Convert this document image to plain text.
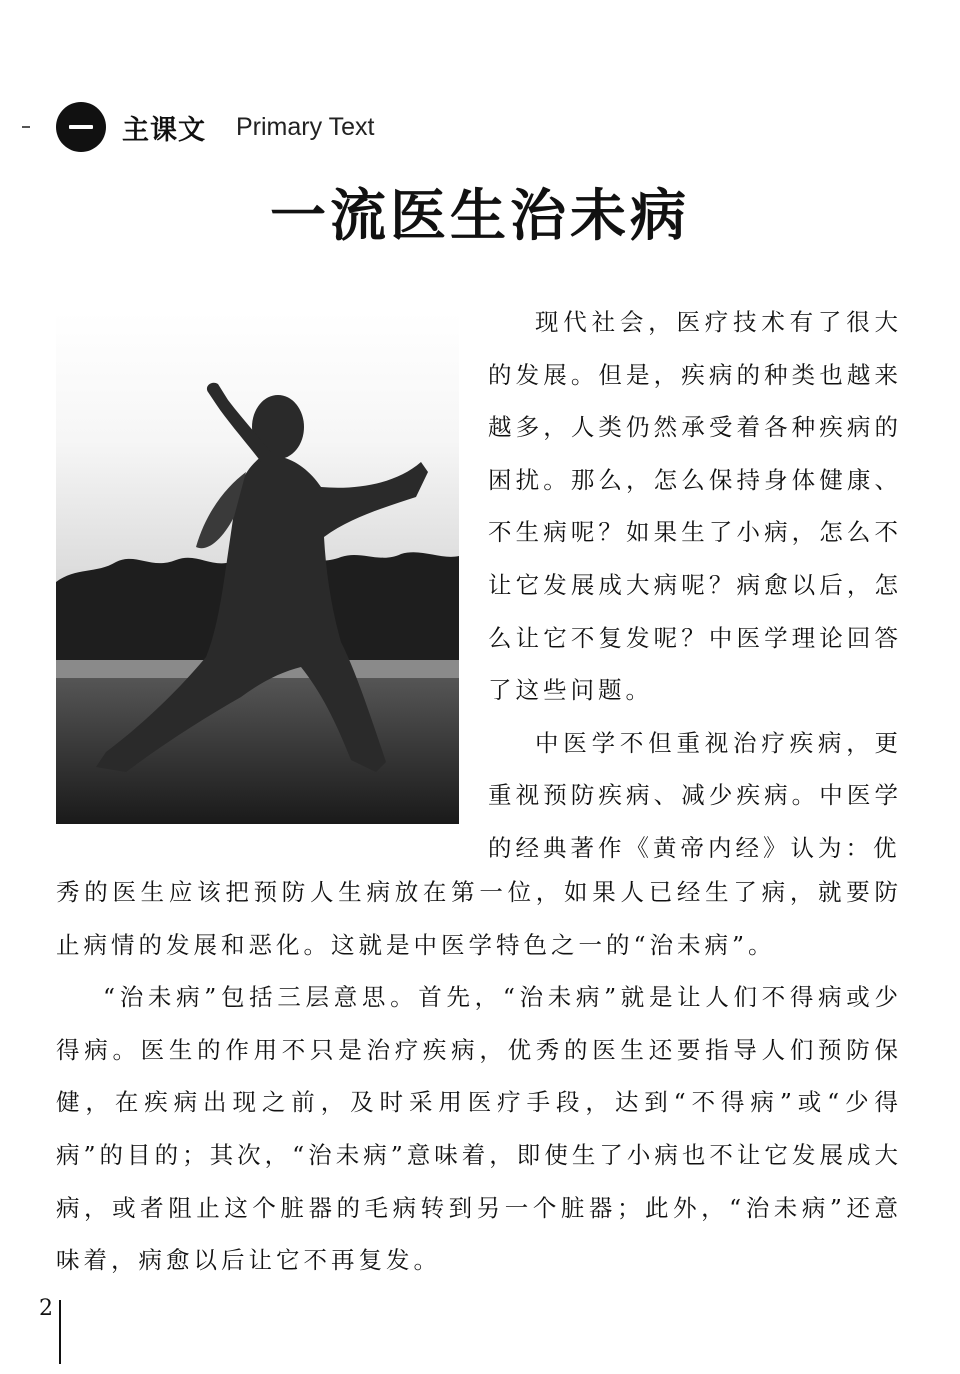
主课文 Primary Text
一流医生治未病

现代社会，医疗技术有了很大的发展。但是，疾病的种类也越来越多，人类仍然承受着各种疾病的困扰。那么，怎么保持身体健康、不生病呢？如果生了小病，怎么不让它发展成大病呢？病愈以后，怎么让它不复发呢？中医学理论回答了这些问题。

中医学不但重视治疗疾病，更重视预防疾病、减少疾病。中医学的经典著作《黄帝内经》认为：优

秀的医生应该把预防人生病放在第一位，如果人已经生了病，就要防止病情的发展和恶化。这就是中医学特色之一的“治未病”。

“治未病”包括三层意思。首先，“治未病”就是让人们不得病或少得病。医生的作用不只是治疗疾病，优秀的医生还要指导人们预防保健，在疾病出现之前，及时采用医疗手段，达到“不得病”或“少得病”的目的；其次，“治未病”意味着，即使生了小病也不让它发展成大病，或者阻止这个脏器的毛病转到另一个脏器；此外，“治未病”还意味着，病愈以后让它不再复发。

2
